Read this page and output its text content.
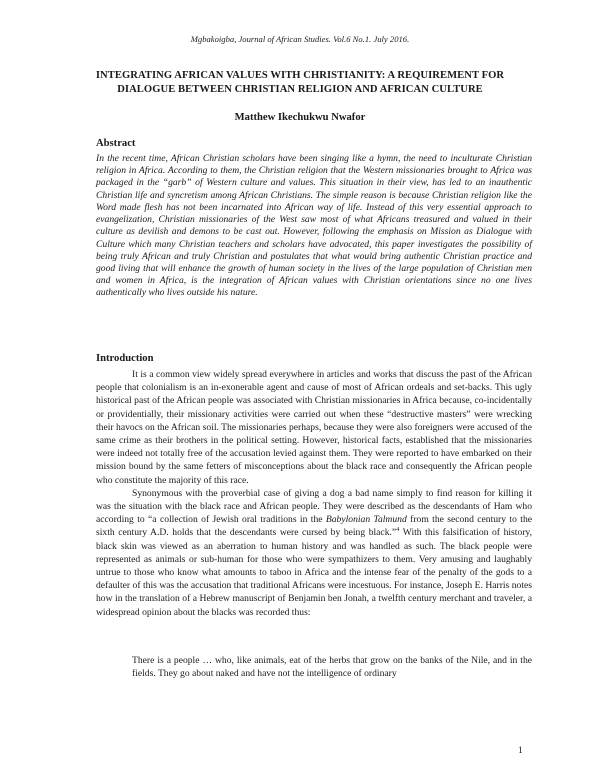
Mgbakoigba, Journal of African Studies. Vol.6 No.1. July 2016.
INTEGRATING AFRICAN VALUES WITH CHRISTIANITY: A REQUIREMENT FOR DIALOGUE BETWEEN CHRISTIAN RELIGION AND AFRICAN CULTURE
Matthew Ikechukwu Nwafor
Abstract
In the recent time, African Christian scholars have been singing like a hymn, the need to inculturate Christian religion in Africa. According to them, the Christian religion that the Western missionaries brought to Africa was packaged in the “garb” of Western culture and values. This situation in their view, has led to an inauthentic Christian life and syncretism among African Christians. The simple reason is because Christian religion like the Word made flesh has not been incarnated into African way of life. Instead of this very essential approach to evangelization, Christian missionaries of the West saw most of what Africans treasured and valued in their culture as devilish and demons to be cast out. However, following the emphasis on Mission as Dialogue with Culture which many Christian teachers and scholars have advocated, this paper investigates the possibility of being truly African and truly Christian and postulates that what would bring authentic Christian practice and good living that will enhance the growth of human society in the lives of the large population of Christian men and women in Africa, is the integration of African values with Christian orientations since no one lives authentically who lives outside his nature.
Introduction

It is a common view widely spread everywhere in articles and works that discuss the past of the African people that colonialism is an in-exonerable agent and cause of most of African ordeals and set-backs. This ugly historical past of the African people was associated with Christian missionaries in Africa because, co-incidentally or providentially, their missionary activities were carried out when these “destructive masters” were wrecking their havocs on the African soil. The missionaries perhaps, because they were also foreigners were accused of the same crime as their brothers in the political setting. However, historical facts, established that the missionaries were indeed not totally free of the accusation levied against them. They were reported to have embarked on their mission bound by the same fetters of misconceptions about the black race and consequently the African people who constitute the majority of this race.

Synonymous with the proverbial case of giving a dog a bad name simply to find reason for killing it was the situation with the black race and African people. They were described as the descendants of Ham who according to “a collection of Jewish oral traditions in the Babylonian Talmund from the second century to the sixth century A.D. holds that the descendants were cursed by being black.”$^4$ With this falsification of history, black skin was viewed as an aberration to human history and was handled as such. The black people were represented as animals or sub-human for those who were sympathizers to them. Very amusing and laughably untrue to those who know what amounts to taboo in Africa and the intense fear of the penalty of the gods to a defaulter of this was the accusation that traditional Africans were incestuous. For instance, Joseph E. Harris notes how in the translation of a Hebrew manuscript of Benjamin ben Jonah, a twelfth century merchant and traveler, a widespread opinion about the blacks was recorded thus:

There is a people … who, like animals, eat of the herbs that grow on the banks of the Nile, and in the fields. They go about naked and have not the intelligence of ordinary
1
